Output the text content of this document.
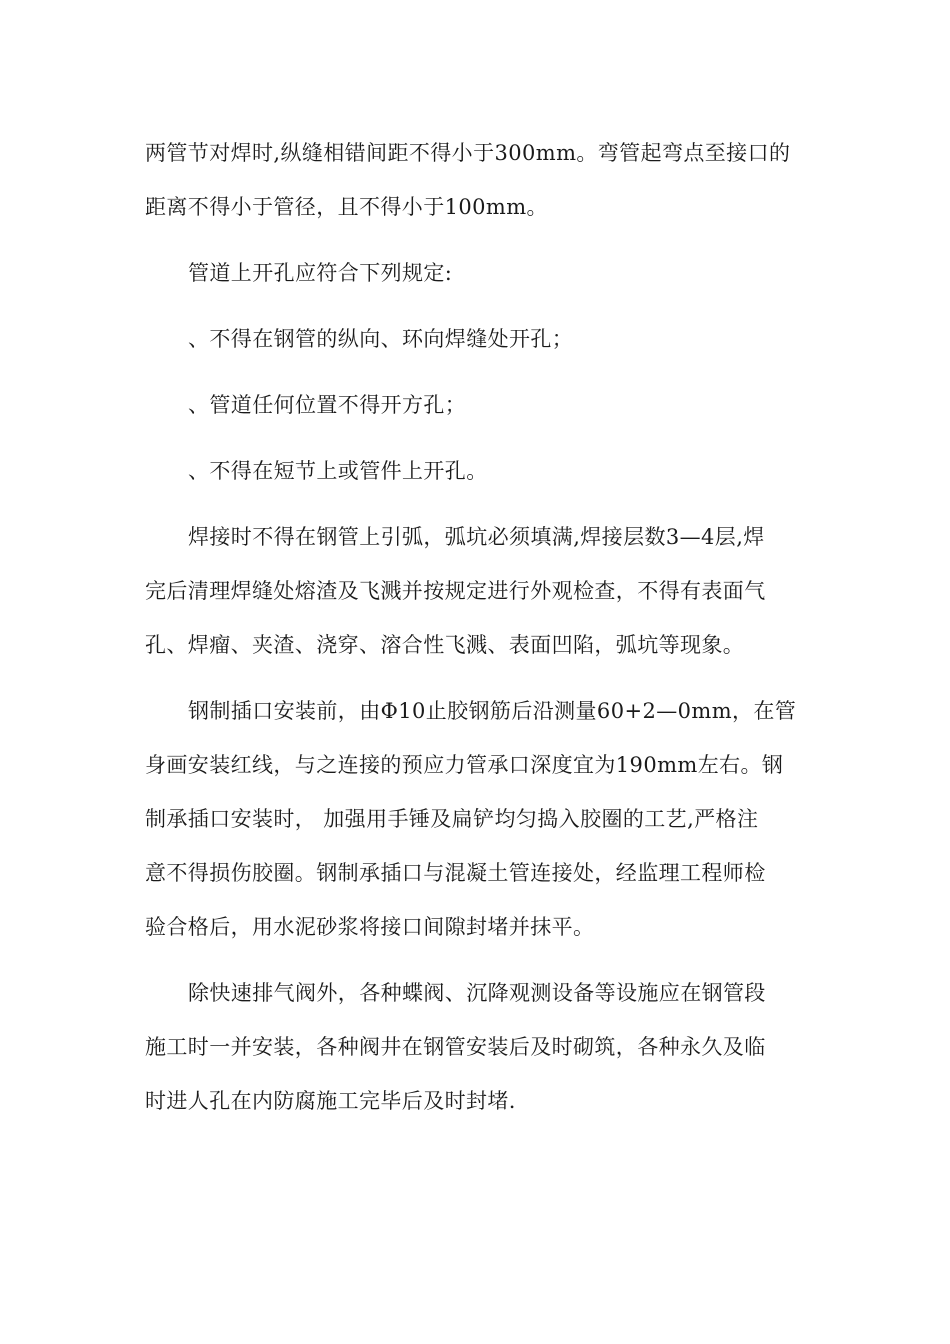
两管节对焊时,纵缝相错间距不得小于300mm。弯管起弯点至接口的
距离不得小于管径，且不得小于100mm。
管道上开孔应符合下列规定:
、不得在钢管的纵向、环向焊缝处开孔；
、管道任何位置不得开方孔；
、不得在短节上或管件上开孔。
焊接时不得在钢管上引弧，弧坑必须填满,焊接层数3—4层,焊
完后清理焊缝处熔渣及飞溅并按规定进行外观检查，不得有表面气
孔、焊瘤、夹渣、浇穿、溶合性飞溅、表面凹陷，弧坑等现象。
钢制插口安装前，由Φ10止胶钢筋后沿测量60+2—0mm，在管
身画安装红线，与之连接的预应力管承口深度宜为190mm左右。钢
制承插口安装时， 加强用手锤及扁铲均匀捣入胶圈的工艺,严格注
意不得损伤胶圈。钢制承插口与混凝土管连接处，经监理工程师检
验合格后，用水泥砂浆将接口间隙封堵并抹平。
除快速排气阀外，各种蝶阀、沉降观测设备等设施应在钢管段
施工时一并安装，各种阀井在钢管安装后及时砌筑，各种永久及临
时进人孔在内防腐施工完毕后及时封堵.
